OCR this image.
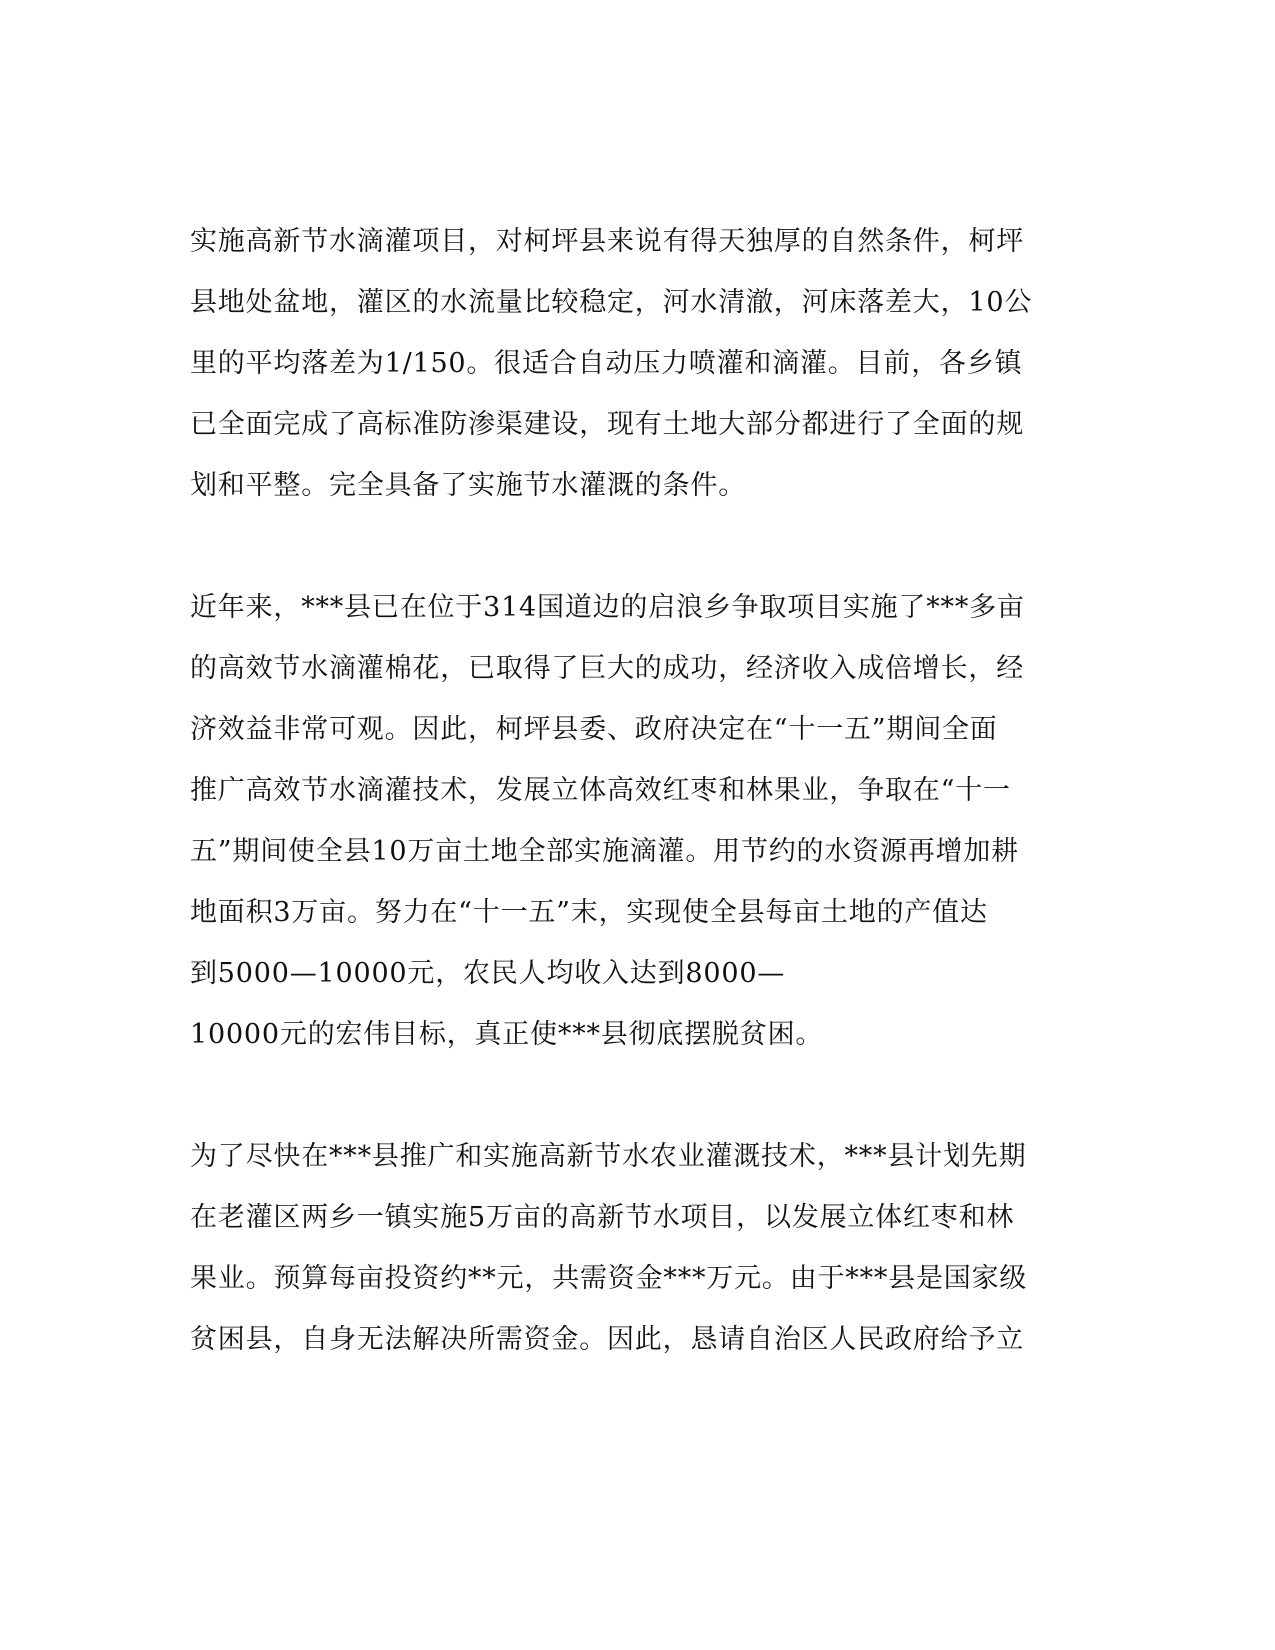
实施高新节水滴灌项目，对柯坪县来说有得天独厚的自然条件，柯坪
县地处盆地，灌区的水流量比较稳定，河水清澈，河床落差大，10公
里的平均落差为1/150。很适合自动压力喷灌和滴灌。目前，各乡镇
已全面完成了高标准防渗渠建设，现有土地大部分都进行了全面的规
划和平整。完全具备了实施节水灌溉的条件。
近年来，***县已在位于314国道边的启浪乡争取项目实施了***多亩
的高效节水滴灌棉花，已取得了巨大的成功，经济收入成倍增长，经
济效益非常可观。因此，柯坪县委、政府决定在“十一五”期间全面
推广高效节水滴灌技术，发展立体高效红枣和林果业，争取在“十一
五”期间使全县10万亩土地全部实施滴灌。用节约的水资源再增加耕
地面积3万亩。努力在“十一五”末，实现使全县每亩土地的产值达
到5000—10000元，农民人均收入达到8000—
10000元的宏伟目标，真正使***县彻底摆脱贫困。
为了尽快在***县推广和实施高新节水农业灌溉技术，***县计划先期
在老灌区两乡一镇实施5万亩的高新节水项目，以发展立体红枣和林
果业。预算每亩投资约**元，共需资金***万元。由于***县是国家级
贫困县，自身无法解决所需资金。因此，恳请自治区人民政府给予立
